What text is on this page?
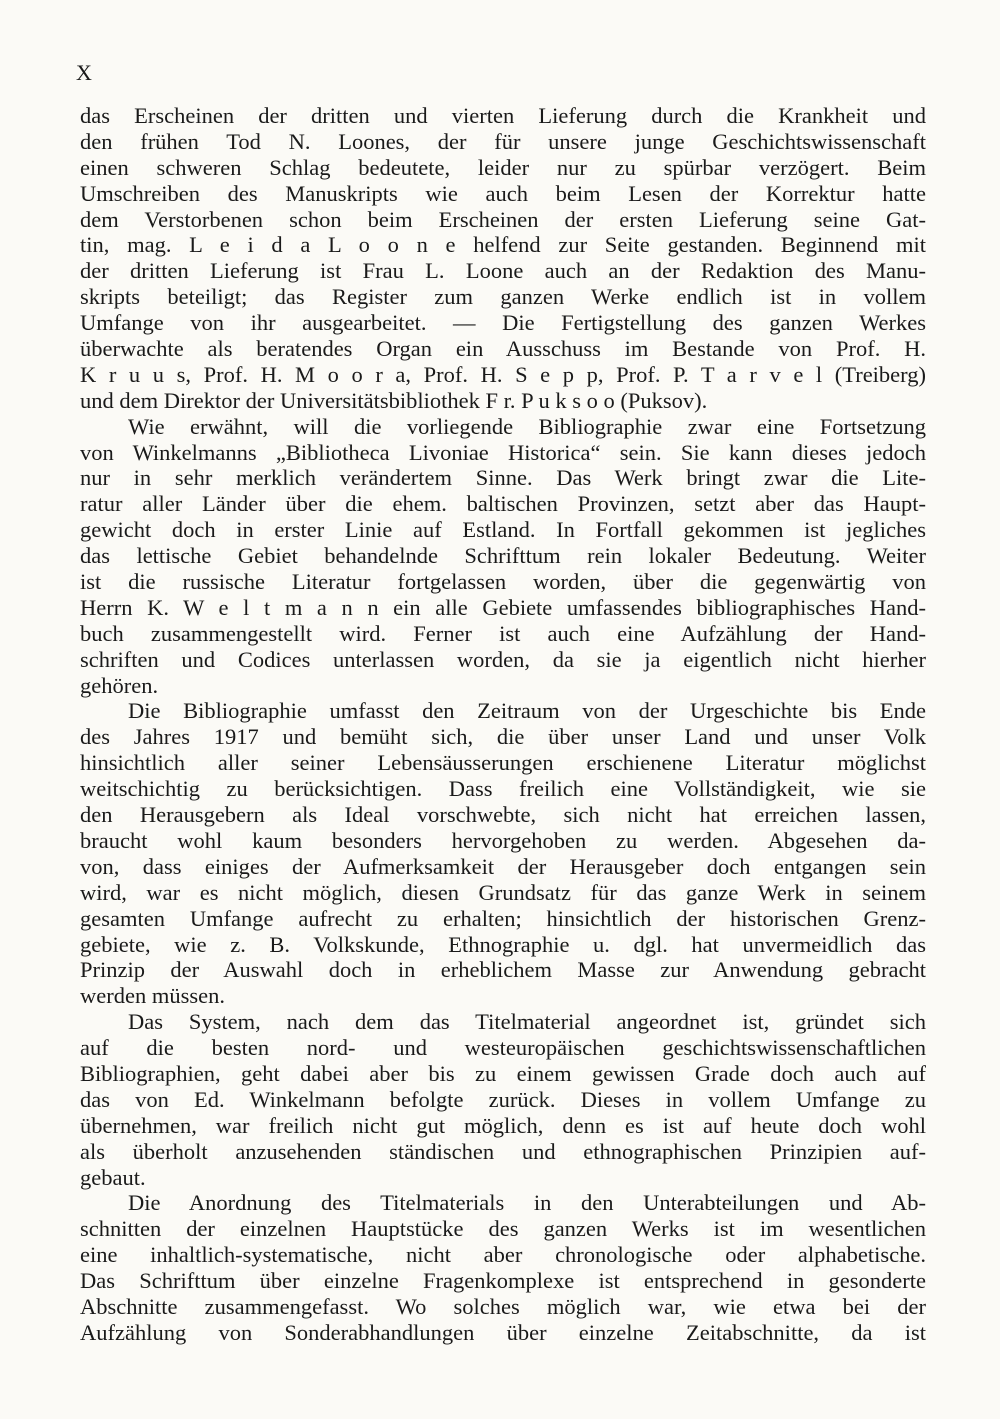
X
das Erscheinen der dritten und vierten Lieferung durch die Krankheit und
den frühen Tod N. Loones, der für unsere junge Geschichtswissenschaft
einen schweren Schlag bedeutete, leider nur zu spürbar verzögert. Beim
Umschreiben des Manuskripts wie auch beim Lesen der Korrektur hatte
dem Verstorbenen schon beim Erscheinen der ersten Lieferung seine Gat-
tin, mag. L e i d a L o o n e helfend zur Seite gestanden. Beginnend mit
der dritten Lieferung ist Frau L. Loone auch an der Redaktion des Manu-
skripts beteiligt; das Register zum ganzen Werke endlich ist in vollem
Umfange von ihr ausgearbeitet. — Die Fertigstellung des ganzen Werkes
überwachte als beratendes Organ ein Ausschuss im Bestande von Prof. H.
K r u u s, Prof. H. M o o r a, Prof. H. S e p p, Prof. P. T a r v e l (Treiberg)
und dem Direktor der Universitätsbibliothek F r. P u k s o o (Puksov).
Wie erwähnt, will die vorliegende Bibliographie zwar eine Fortsetzung
von Winkelmanns „Bibliotheca Livoniae Historica“ sein. Sie kann dieses jedoch
nur in sehr merklich verändertem Sinne. Das Werk bringt zwar die Lite-
ratur aller Länder über die ehem. baltischen Provinzen, setzt aber das Haupt-
gewicht doch in erster Linie auf Estland. In Fortfall gekommen ist jegliches
das lettische Gebiet behandelnde Schrifttum rein lokaler Bedeutung. Weiter
ist die russische Literatur fortgelassen worden, über die gegenwärtig von
Herrn K. W e l t m a n n ein alle Gebiete umfassendes bibliographisches Hand-
buch zusammengestellt wird. Ferner ist auch eine Aufzählung der Hand-
schriften und Codices unterlassen worden, da sie ja eigentlich nicht hierher
gehören.
Die Bibliographie umfasst den Zeitraum von der Urgeschichte bis Ende
des Jahres 1917 und bemüht sich, die über unser Land und unser Volk
hinsichtlich aller seiner Lebensäusserungen erschienene Literatur möglichst
weitschichtig zu berücksichtigen. Dass freilich eine Vollständigkeit, wie sie
den Herausgebern als Ideal vorschwebte, sich nicht hat erreichen lassen,
braucht wohl kaum besonders hervorgehoben zu werden. Abgesehen da-
von, dass einiges der Aufmerksamkeit der Herausgeber doch entgangen sein
wird, war es nicht möglich, diesen Grundsatz für das ganze Werk in seinem
gesamten Umfange aufrecht zu erhalten; hinsichtlich der historischen Grenz-
gebiete, wie z. B. Volkskunde, Ethnographie u. dgl. hat unvermeidlich das
Prinzip der Auswahl doch in erheblichem Masse zur Anwendung gebracht
werden müssen.
Das System, nach dem das Titelmaterial angeordnet ist, gründet sich
auf die besten nord- und westeuropäischen geschichtswissenschaftlichen
Bibliographien, geht dabei aber bis zu einem gewissen Grade doch auch auf
das von Ed. Winkelmann befolgte zurück. Dieses in vollem Umfange zu
übernehmen, war freilich nicht gut möglich, denn es ist auf heute doch wohl
als überholt anzusehenden ständischen und ethnographischen Prinzipien auf-
gebaut.
Die Anordnung des Titelmaterials in den Unterabteilungen und Ab-
schnitten der einzelnen Hauptstücke des ganzen Werks ist im wesentlichen
eine inhaltlich-systematische, nicht aber chronologische oder alphabetische.
Das Schrifttum über einzelne Fragenkomplexe ist entsprechend in gesonderte
Abschnitte zusammengefasst. Wo solches möglich war, wie etwa bei der
Aufzählung von Sonderabhandlungen über einzelne Zeitabschnitte, da ist
